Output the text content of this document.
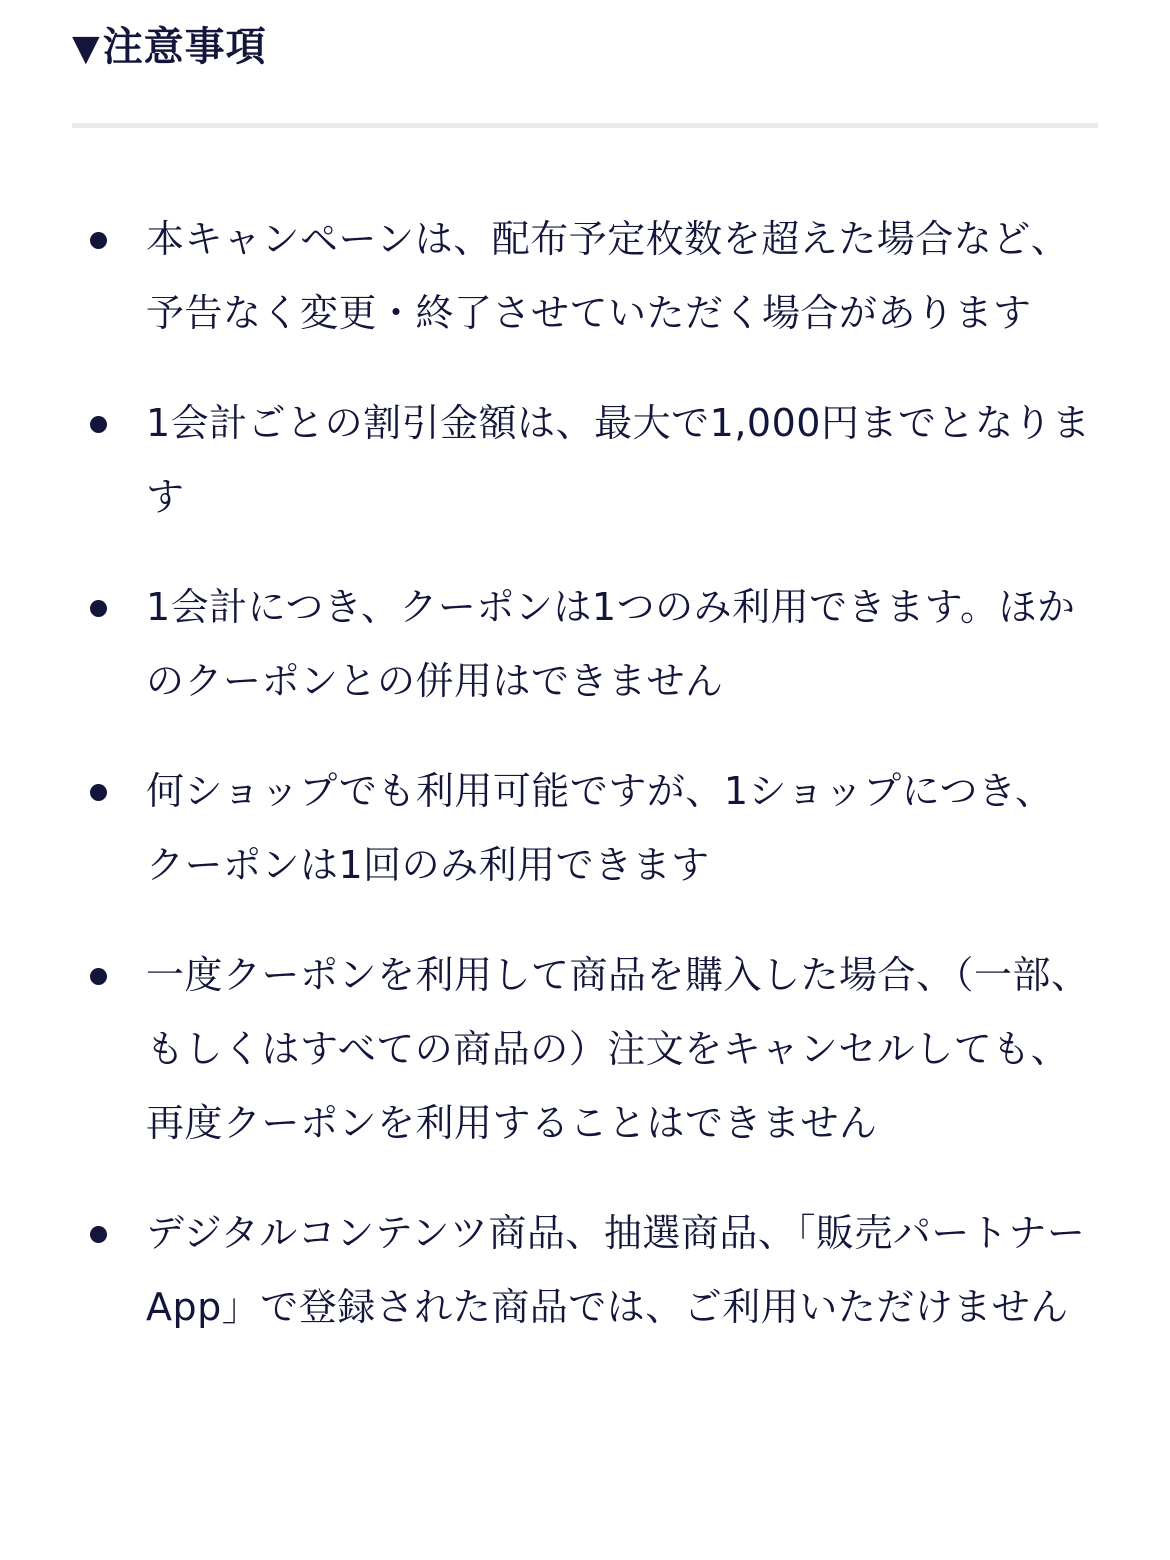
▼注意事項
本キャンペーンは、配布予定枚数を超えた場合など、予告なく変更・終了させていただく場合があります
1会計ごとの割引金額は、最大で1,000円までとなります
1会計につき、クーポンは1つのみ利用できます。ほかのクーポンとの併用はできません
何ショップでも利用可能ですが、1ショップにつき、クーポンは1回のみ利用できます
一度クーポンを利用して商品を購入した場合、（一部、もしくはすべての商品の）注文をキャンセルしても、再度クーポンを利用することはできません
デジタルコンテンツ商品、抽選商品、「販売パートナー App」で登録された商品では、ご利用いただけません
